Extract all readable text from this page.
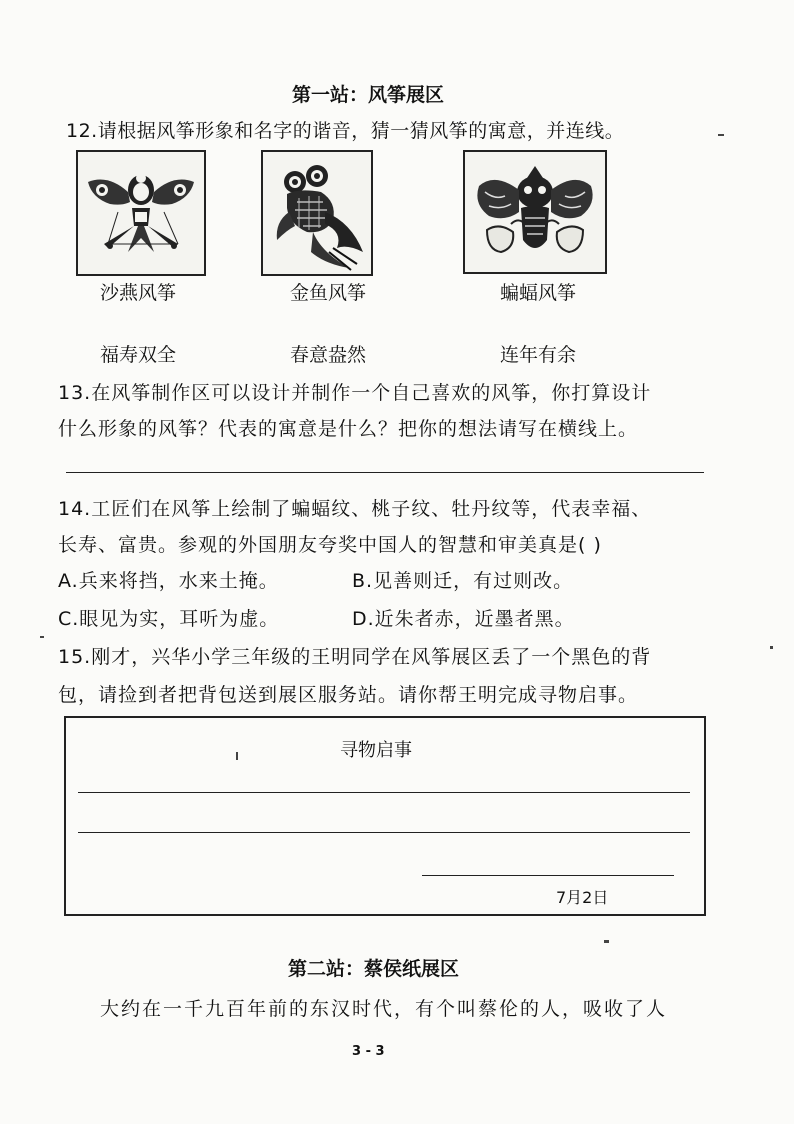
第一站：风筝展区
12.请根据风筝形象和名字的谐音，猜一猜风筝的寓意，并连线。
沙燕风筝	金鱼风筝	蝙蝠风筝
福寿双全	春意盎然	连年有余
13.在风筝制作区可以设计并制作一个自己喜欢的风筝，你打算设计
什么形象的风筝？代表的寓意是什么？把你的想法请写在横线上。
14.工匠们在风筝上绘制了蝙蝠纹、桃子纹、牡丹纹等，代表幸福、
长寿、富贵。参观的外国朋友夸奖中国人的智慧和审美真是( )
A.兵来将挡，水来土掩。	B.见善则迁，有过则改。
C.眼见为实，耳听为虚。	D.近朱者赤，近墨者黑。
15.刚才，兴华小学三年级的王明同学在风筝展区丢了一个黑色的背
包，请捡到者把背包送到展区服务站。请你帮王明完成寻物启事。
寻物启事
7月2日
第二站：蔡侯纸展区
大约在一千九百年前的东汉时代，有个叫蔡伦的人，吸收了人
3 - 3
